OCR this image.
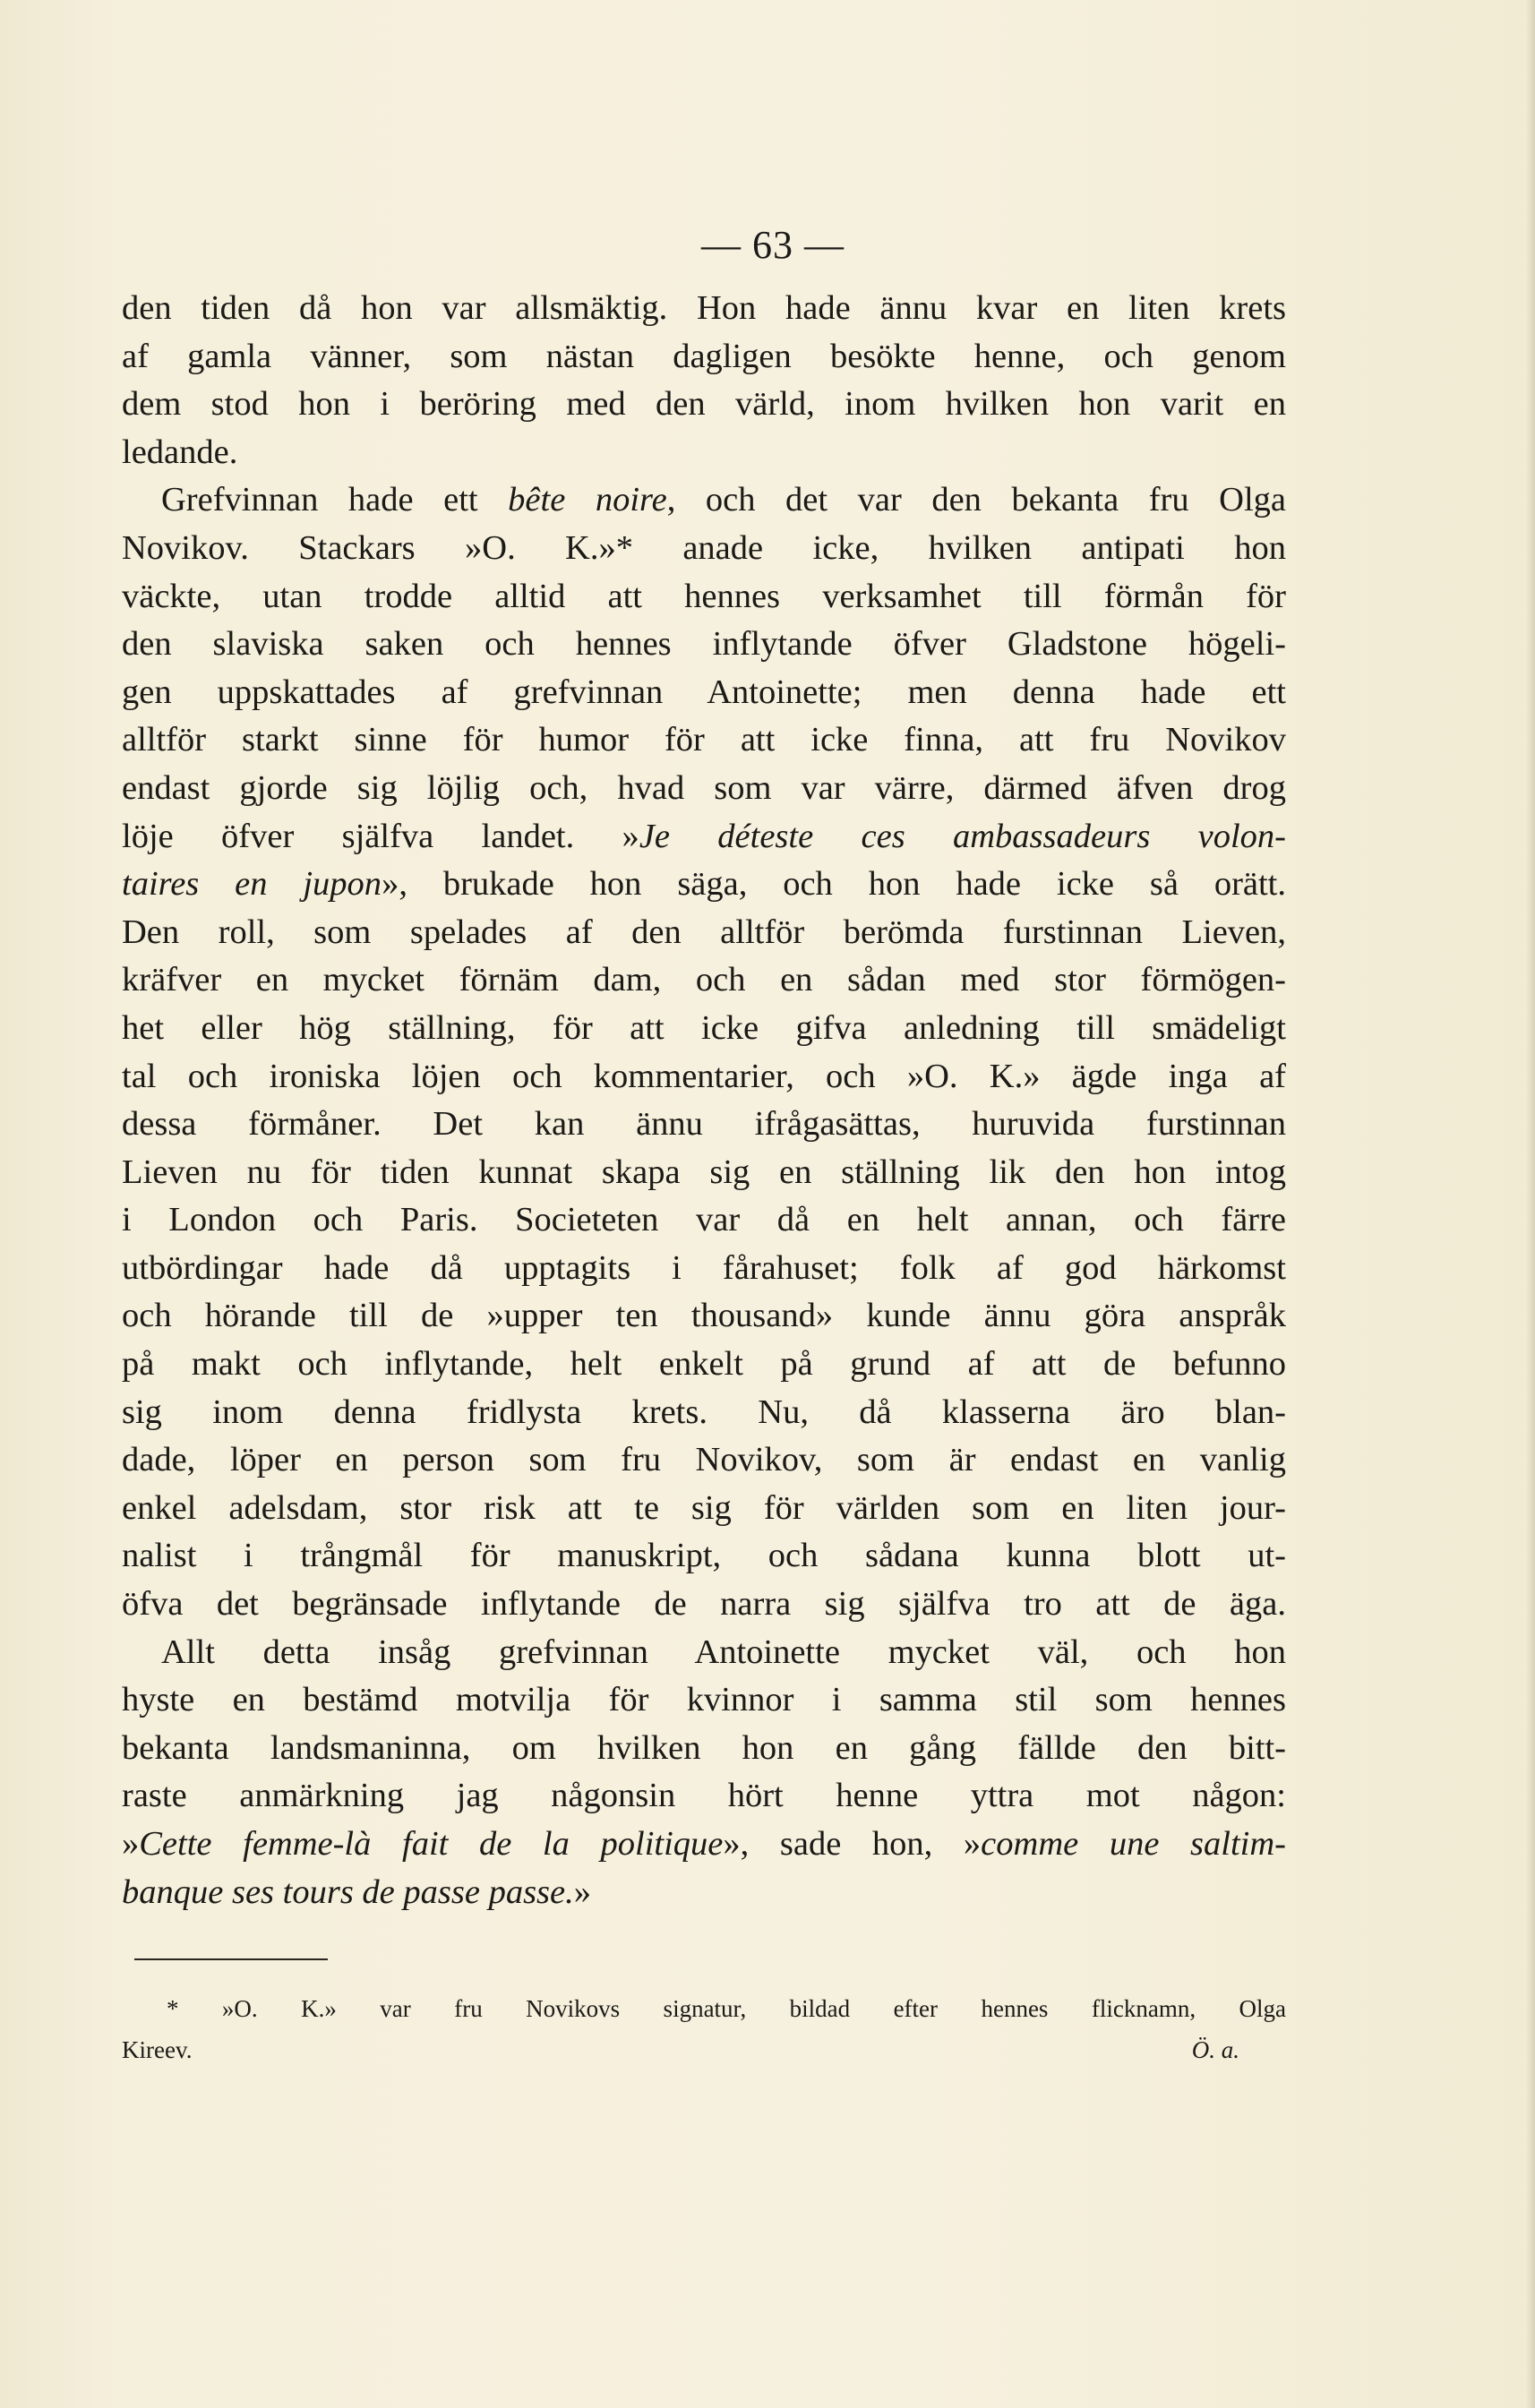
— 63 —
den tiden då hon var allsmäktig. Hon hade ännu kvar en liten krets
af gamla vänner, som nästan dagligen besökte henne, och genom
dem stod hon i beröring med den värld, inom hvilken hon varit en
ledande.
Grefvinnan hade ett bête noire, och det var den bekanta fru Olga
Novikov. Stackars »O. K.»* anade icke, hvilken antipati hon
väckte, utan trodde alltid att hennes verksamhet till förmån för
den slaviska saken och hennes inflytande öfver Gladstone högeli-
gen uppskattades af grefvinnan Antoinette; men denna hade ett
alltför starkt sinne för humor för att icke finna, att fru Novikov
endast gjorde sig löjlig och, hvad som var värre, därmed äfven drog
löje öfver själfva landet. »Je déteste ces ambassadeurs volon-
taires en jupon», brukade hon säga, och hon hade icke så orätt.
Den roll, som spelades af den alltför berömda furstinnan Lieven,
kräfver en mycket förnäm dam, och en sådan med stor förmögen-
het eller hög ställning, för att icke gifva anledning till smädeligt
tal och ironiska löjen och kommentarier, och »O. K.» ägde inga af
dessa förmåner. Det kan ännu ifrågasättas, huruvida furstinnan
Lieven nu för tiden kunnat skapa sig en ställning lik den hon intog
i London och Paris. Societeten var då en helt annan, och färre
utbördingar hade då upptagits i fårahuset; folk af god härkomst
och hörande till de »upper ten thousand» kunde ännu göra anspråk
på makt och inflytande, helt enkelt på grund af att de befunno
sig inom denna fridlysta krets. Nu, då klasserna äro blan-
dade, löper en person som fru Novikov, som är endast en vanlig
enkel adelsdam, stor risk att te sig för världen som en liten jour-
nalist i trångmål för manuskript, och sådana kunna blott ut-
öfva det begränsade inflytande de narra sig själfva tro att de äga.
Allt detta insåg grefvinnan Antoinette mycket väl, och hon
hyste en bestämd motvilja för kvinnor i samma stil som hennes
bekanta landsmaninna, om hvilken hon en gång fällde den bitt-
raste anmärkning jag någonsin hört henne yttra mot någon:
»Cette femme-là fait de la politique», sade hon, »comme une saltim-
banque ses tours de passe passe.»
* »O. K.» var fru Novikovs signatur, bildad efter hennes flicknamn, Olga
Kireev.	Ö. a.
